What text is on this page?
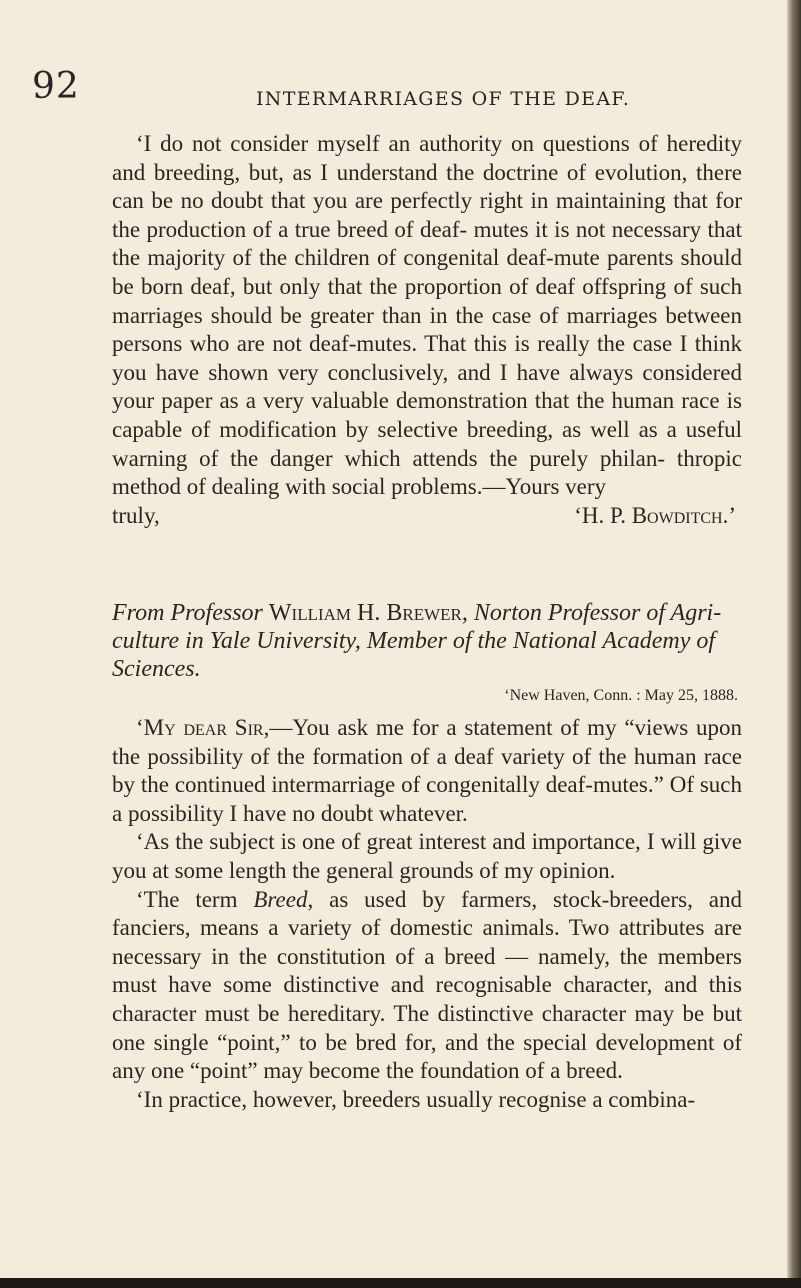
92	INTERMARRIAGES OF THE DEAF.

‘I do not consider myself an authority on questions of heredity and breeding, but, as I understand the doctrine of evolution, there can be no doubt that you are perfectly right in maintaining that for the production of a true breed of deaf- mutes it is not necessary that the majority of the children of congenital deaf-mute parents should be born deaf, but only that the proportion of deaf offspring of such marriages should be greater than in the case of marriages between persons who are not deaf-mutes. That this is really the case I think you have shown very conclusively, and I have always considered your paper as a very valuable demonstration that the human race is capable of modification by selective breeding, as well as a useful warning of the danger which attends the purely philan- thropic method of dealing with social problems.—Yours very

truly,	‘H. P. Bowditch.’

From Professor William H. Brewer, Norton Professor of Agri-culture in Yale University, Member of the National Academy of Sciences.
‘New Haven, Conn. : May 25, 1888.

‘My dear Sir,—You ask me for a statement of my “views upon the possibility of the formation of a deaf variety of the human race by the continued intermarriage of congenitally deaf-mutes.” Of such a possibility I have no doubt whatever.

‘As the subject is one of great interest and importance, I will give you at some length the general grounds of my opinion.

‘The term Breed, as used by farmers, stock-breeders, and fanciers, means a variety of domestic animals. Two attributes are necessary in the constitution of a breed — namely, the members must have some distinctive and recognisable character, and this character must be hereditary. The distinctive character may be but one single “point,” to be bred for, and the special development of any one “point” may become the foundation of a breed.

‘In practice, however, breeders usually recognise a combina-
